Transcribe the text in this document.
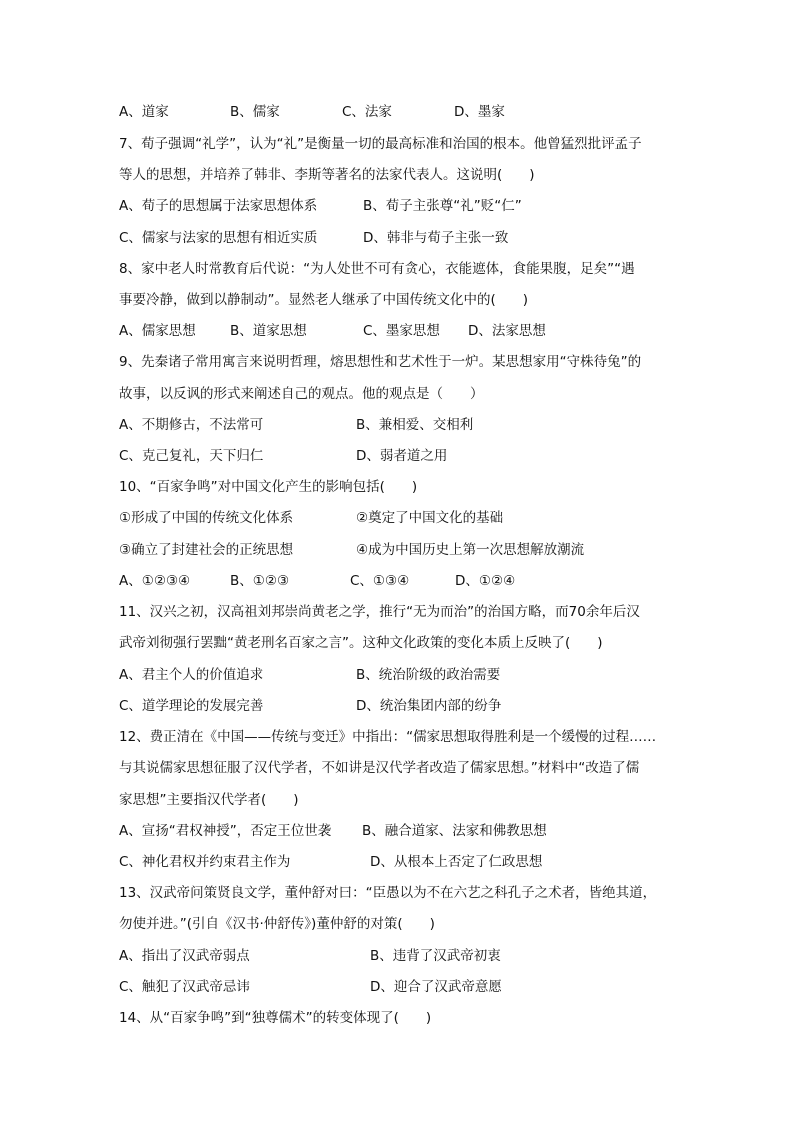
A、道家	B、儒家	C、法家	D、墨家
7、荀子强调“礼学”，认为“礼”是衡量一切的最高标准和治国的根本。他曾猛烈批评孟子
等人的思想，并培养了韩非、李斯等著名的法家代表人。这说明(　　)
A、荀子的思想属于法家思想体系	B、荀子主张尊“礼”贬“仁”
C、儒家与法家的思想有相近实质	D、韩非与荀子主张一致
8、家中老人时常教育后代说：“为人处世不可有贪心，衣能遮体，食能果腹，足矣”“遇
事要冷静，做到以静制动”。显然老人继承了中国传统文化中的(　　)
A、儒家思想	B、道家思想	C、墨家思想	D、法家思想
9、先秦诸子常用寓言来说明哲理，熔思想性和艺术性于一炉。某思想家用“守株待兔”的
故事，以反讽的形式来阐述自己的观点。他的观点是（　　）
A、不期修古，不法常可	B、兼相爱、交相利
C、克己复礼，天下归仁	D、弱者道之用
10、“百家争鸣”对中国文化产生的影响包括(　　)
①形成了中国的传统文化体系	②奠定了中国文化的基础
③确立了封建社会的正统思想	④成为中国历史上第一次思想解放潮流
A、①②③④	B、①②③	C、①③④	D、①②④
11、汉兴之初，汉高祖刘邦崇尚黄老之学，推行“无为而治”的治国方略，而70余年后汉
武帝刘彻强行罢黜“黄老刑名百家之言”。这种文化政策的变化本质上反映了(　　)
A、君主个人的价值追求	B、统治阶级的政治需要
C、道学理论的发展完善	D、统治集团内部的纷争
12、费正清在《中国——传统与变迁》中指出：“儒家思想取得胜利是一个缓慢的过程……
与其说儒家思想征服了汉代学者，不如讲是汉代学者改造了儒家思想。”材料中“改造了儒
家思想”主要指汉代学者(　　)
A、宣扬“君权神授”，否定王位世袭	B、融合道家、法家和佛教思想
C、神化君权并约束君主作为	D、从根本上否定了仁政思想
13、汉武帝问策贤良文学，董仲舒对曰：“臣愚以为不在六艺之科孔子之术者，皆绝其道，
勿使并进。”(引自《汉书·仲舒传》)董仲舒的对策(　　)
A、指出了汉武帝弱点	B、违背了汉武帝初衷
C、触犯了汉武帝忌讳	D、迎合了汉武帝意愿
14、从“百家争鸣”到“独尊儒术”的转变体现了(　　)
